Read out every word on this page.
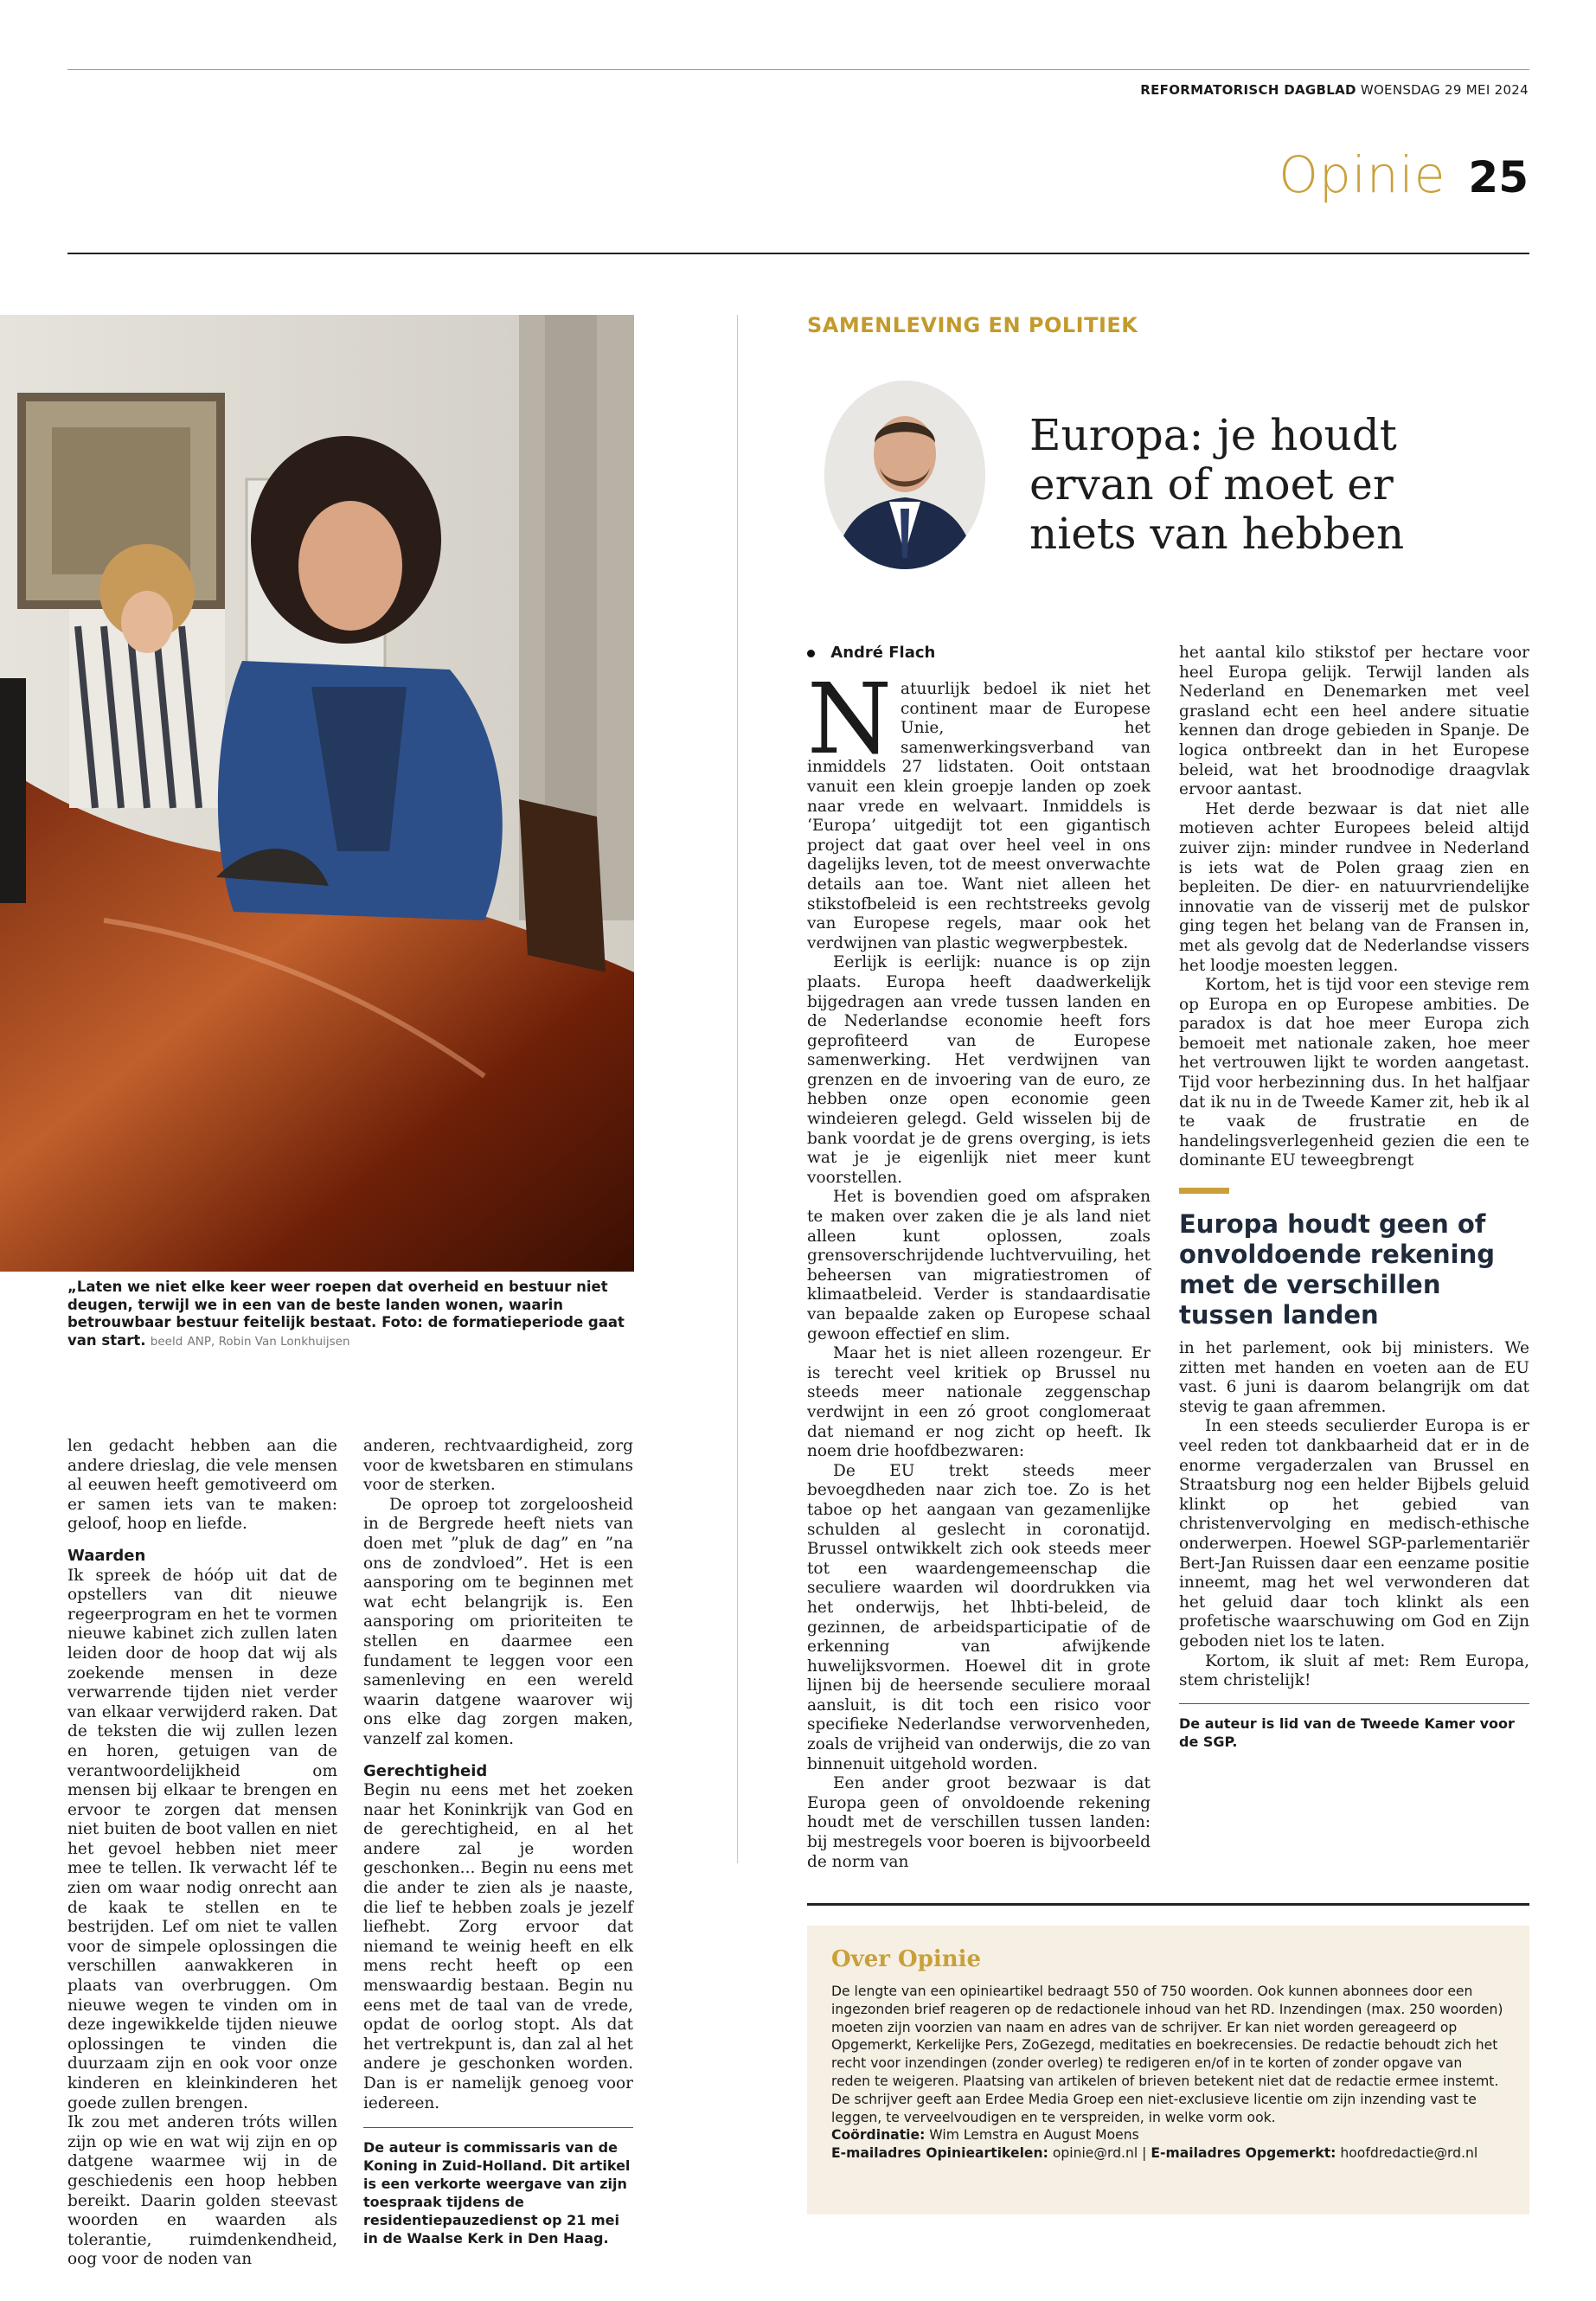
REFORMATORISCH DAGBLAD WOENSDAG 29 MEI 2024
Opinie 25
„Laten we niet elke keer weer roepen dat overheid en bestuur niet deugen, terwijl we in een van de beste landen wonen, waarin betrouwbaar bestuur feitelijk bestaat. Foto: de formatieperiode gaat van start. beeld ANP, Robin Van Lonkhuijsen

len gedacht hebben aan die andere drieslag, die vele mensen al eeuwen heeft gemotiveerd om er samen iets van te maken: geloof, hoop en liefde.

Waarden

Ik spreek de hóóp uit dat de opstellers van dit nieuwe regeerprogram en het te vormen nieuwe kabinet zich zullen laten leiden door de hoop dat wij als zoekende mensen in deze verwarrende tijden niet verder van elkaar verwijderd raken. Dat de teksten die wij zullen lezen en horen, getuigen van de verantwoordelijkheid om mensen bij elkaar te brengen en ervoor te zorgen dat mensen niet buiten de boot vallen en niet het gevoel hebben niet meer mee te tellen. Ik verwacht léf te zien om waar nodig onrecht aan de kaak te stellen en te bestrijden. Lef om niet te vallen voor de simpele oplossingen die verschillen aanwakkeren in plaats van overbruggen. Om nieuwe wegen te vinden om in deze ingewikkelde tijden nieuwe oplossingen te vinden die duurzaam zijn en ook voor onze kinderen en kleinkinderen het goede zullen brengen.

Ik zou met anderen tróts willen zijn op wie en wat wij zijn en op datgene waarmee wij in de geschiedenis een hoop hebben bereikt. Daarin golden steevast woorden en waarden als tolerantie, ruimdenkendheid, oog voor de noden van

anderen, rechtvaardigheid, zorg voor de kwetsbaren en stimulans voor de sterken.

De oproep tot zorgeloosheid in de Bergrede heeft niets van doen met ”pluk de dag” en ”na ons de zondvloed”. Het is een aansporing om te beginnen met wat echt belangrijk is. Een aansporing om prioriteiten te stellen en daarmee een fundament te leggen voor een samenleving en een wereld waarin datgene waarover wij ons elke dag zorgen maken, vanzelf zal komen.

Gerechtigheid

Begin nu eens met het zoeken naar het Koninkrijk van God en de gerechtigheid, en al het andere zal je worden geschonken... Begin nu eens met die ander te zien als je naaste, die lief te hebben zoals je jezelf liefhebt. Zorg ervoor dat niemand te weinig heeft en elk mens recht heeft op een menswaardig bestaan. Begin nu eens met de taal van de vrede, opdat de oorlog stopt. Als dat het vertrekpunt is, dan zal al het andere je geschonken worden. Dan is er namelijk genoeg voor iedereen.

De auteur is commissaris van de Koning in Zuid-Holland. Dit artikel is een verkorte weergave van zijn toespraak tijdens de residentiepauzedienst op 21 mei in de Waalse Kerk in Den Haag.

SAMENLEVING EN POLITIEK
Europa: je houdt ervan of moet er niets van hebben
André Flach

Natuurlijk bedoel ik niet het continent maar de Europese Unie, het samenwerkingsverband van inmiddels 27 lidstaten. Ooit ontstaan vanuit een klein groepje landen op zoek naar vrede en welvaart. Inmiddels is ‘Europa’ uitgedijt tot een gigantisch project dat gaat over heel veel in ons dagelijks leven, tot de meest onverwachte details aan toe. Want niet alleen het stikstofbeleid is een rechtstreeks gevolg van Europese regels, maar ook het verdwijnen van plastic wegwerpbestek.

Eerlijk is eerlijk: nuance is op zijn plaats. Europa heeft daadwerkelijk bijgedragen aan vrede tussen landen en de Nederlandse economie heeft fors geprofiteerd van de Europese samenwerking. Het verdwijnen van grenzen en de invoering van de euro, ze hebben onze open economie geen windeieren gelegd. Geld wisselen bij de bank voordat je de grens overging, is iets wat je je eigenlijk niet meer kunt voorstellen.

Het is bovendien goed om afspraken te maken over zaken die je als land niet alleen kunt oplossen, zoals grensoverschrijdende luchtvervuiling, het beheersen van migratiestromen of klimaatbeleid. Verder is standaardisatie van bepaalde zaken op Europese schaal gewoon effectief en slim.

Maar het is niet alleen rozengeur. Er is terecht veel kritiek op Brussel nu steeds meer nationale zeggenschap verdwijnt in een zó groot conglomeraat dat niemand er nog zicht op heeft. Ik noem drie hoofdbezwaren:

De EU trekt steeds meer bevoegdheden naar zich toe. Zo is het taboe op het aangaan van gezamenlijke schulden al geslecht in coronatijd. Brussel ontwikkelt zich ook steeds meer tot een waardengemeenschap die seculiere waarden wil doordrukken via het onderwijs, het lhbti-beleid, de gezinnen, de arbeidsparticipatie of de erkenning van afwijkende huwelijksvormen. Hoewel dit in grote lijnen bij de heersende seculiere moraal aansluit, is dit toch een risico voor specifieke Nederlandse verworvenheden, zoals de vrijheid van onderwijs, die zo van binnenuit uitgehold worden.

Een ander groot bezwaar is dat Europa geen of onvoldoende rekening houdt met de verschillen tussen landen: bij mestregels voor boeren is bijvoorbeeld de norm van

het aantal kilo stikstof per hectare voor heel Europa gelijk. Terwijl landen als Nederland en Denemarken met veel grasland echt een heel andere situatie kennen dan droge gebieden in Spanje. De logica ontbreekt dan in het Europese beleid, wat het broodnodige draagvlak ervoor aantast.

Het derde bezwaar is dat niet alle motieven achter Europees beleid altijd zuiver zijn: minder rundvee in Nederland is iets wat de Polen graag zien en bepleiten. De dier- en natuurvriendelijke innovatie van de visserij met de pulskor ging tegen het belang van de Fransen in, met als gevolg dat de Nederlandse vissers het loodje moesten leggen.

Kortom, het is tijd voor een stevige rem op Europa en op Europese ambities. De paradox is dat hoe meer Europa zich bemoeit met nationale zaken, hoe meer het vertrouwen lijkt te worden aangetast. Tijd voor herbezinning dus. In het halfjaar dat ik nu in de Tweede Kamer zit, heb ik al te vaak de frustratie en de handelingsverlegenheid gezien die een te dominante EU teweegbrengt

Europa houdt geen of onvoldoende rekening met de verschillen tussen landen

in het parlement, ook bij ministers. We zitten met handen en voeten aan de EU vast. 6 juni is daarom belangrijk om dat stevig te gaan afremmen.

In een steeds seculierder Europa is er veel reden tot dankbaarheid dat er in de enorme vergaderzalen van Brussel en Straatsburg nog een helder Bijbels geluid klinkt op het gebied van christenvervolging en medisch-ethische onderwerpen. Hoewel SGP-parlementariër Bert-Jan Ruissen daar een eenzame positie inneemt, mag het wel verwonderen dat het geluid daar toch klinkt als een profetische waarschuwing om God en Zijn geboden niet los te laten.

Kortom, ik sluit af met: Rem Europa, stem christelijk!

De auteur is lid van de Tweede Kamer voor de SGP.

Over Opinie
De lengte van een opinieartikel bedraagt 550 of 750 woorden. Ook kunnen abonnees door een ingezonden brief reageren op de redactionele inhoud van het RD. Inzendingen (max. 250 woorden) moeten zijn voorzien van naam en adres van de schrijver. Er kan niet worden gereageerd op Opgemerkt, Kerkelijke Pers, ZoGezegd, meditaties en boekrecensies. De redactie behoudt zich het recht voor inzendingen (zonder overleg) te redigeren en/of in te korten of zonder opgave van reden te weigeren. Plaatsing van artikelen of brieven betekent niet dat de redactie ermee instemt. De schrijver geeft aan Erdee Media Groep een niet-exclusieve licentie om zijn inzending vast te leggen, te verveelvoudigen en te verspreiden, in welke vorm ook.
Coördinatie: Wim Lemstra en August Moens
E-mailadres Opinieartikelen: opinie@rd.nl | E-mailadres Opgemerkt: hoofdredactie@rd.nl
